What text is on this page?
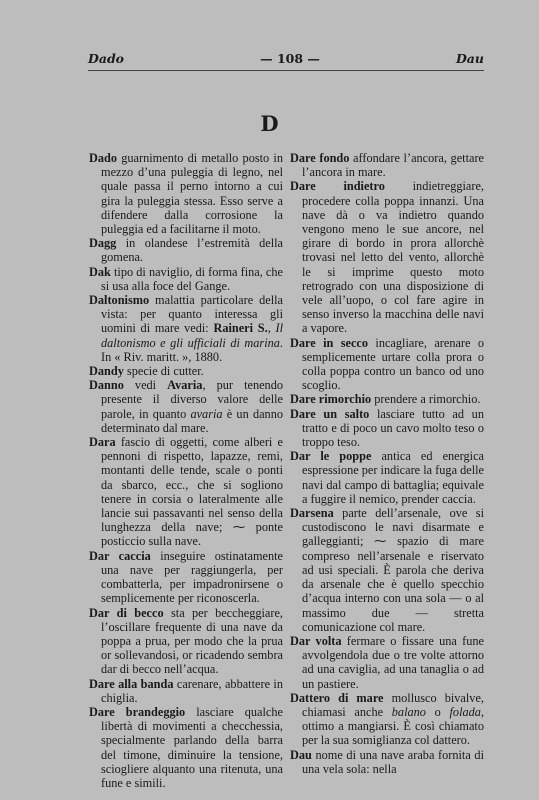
Dado	— 108 —	Dau
D

Dado guarnimento di metallo posto in mezzo d’una puleggia di legno, nel quale passa il perno intorno a cui gira la puleggia stessa. Esso serve a difendere dalla corrosione la puleggia ed a facilitarne il moto.

Dagg in olandese l’estremità della gomena.

Dak tipo di naviglio, di forma fina, che si usa alla foce del Gange.

Daltonismo malattia particolare della vista: per quanto interessa gli uomini di mare vedi: Raineri S., Il daltonismo e gli ufficiali di marina. In « Riv. maritt. », 1880.

Dandy specie di cutter.

Danno vedi Avaria, pur tenendo presente il diverso valore delle parole, in quanto avaria è un danno determinato dal mare.

Dara fascio di oggetti, come alberi e pennoni di rispetto, lapazze, remi, montanti delle tende, scale o ponti da sbarco, ecc., che si sogliono tenere in corsia o lateralmente alle lancie sui passavanti nel senso della lunghezza della nave; ⁓ ponte posticcio sulla nave.

Dar caccia inseguire ostinatamente una nave per raggiungerla, per combatterla, per impadronirsene o semplicemente per riconoscerla.

Dar di becco sta per beccheggiare, l’oscillare frequente di una nave da poppa a prua, per modo che la prua or sollevandosi, or ricadendo sembra dar di becco nell’acqua.

Dare alla banda carenare, abbattere in chiglia.

Dare brandeggio lasciare qualche libertà di movimenti a checchessia, specialmente parlando della barra del timone, diminuire la tensione, sciogliere alquanto una ritenuta, una fune e simili.

Dare fondo affondare l’ancora, gettare l’ancora in mare.

Dare indietro indietreggiare, procedere colla poppa innanzi. Una nave dà o va indietro quando vengono meno le sue ancore, nel girare di bordo in prora allorchè trovasi nel letto del vento, allorchè le si imprime questo moto retrogrado con una disposizione di vele all’uopo, o col fare agire in senso inverso la macchina delle navi a vapore.

Dare in secco incagliare, arenare o semplicemente urtare colla prora o colla poppa contro un banco od uno scoglio.

Dare rimorchio prendere a rimorchio.

Dare un salto lasciare tutto ad un tratto e di poco un cavo molto teso o troppo teso.

Dar le poppe antica ed energica espressione per indicare la fuga delle navi dal campo di battaglia; equivale a fuggire il nemico, prender caccia.

Darsena parte dell’arsenale, ove si custodiscono le navi disarmate e galleggianti; ⁓ spazio di mare compreso nell’arsenale e riservato ad usi speciali. È parola che deriva da arsenale che è quello specchio d’acqua interno con una sola — o al massimo due — stretta comunicazione col mare.

Dar volta fermare o fissare una fune avvolgendola due o tre volte attorno ad una caviglia, ad una tanaglia o ad un pastiere.

Dattero di mare mollusco bivalve, chiamasi anche balano o folada, ottimo a mangiarsi. È così chiamato per la sua somiglianza col dattero.

Dau nome di una nave araba fornita di una vela sola: nella
